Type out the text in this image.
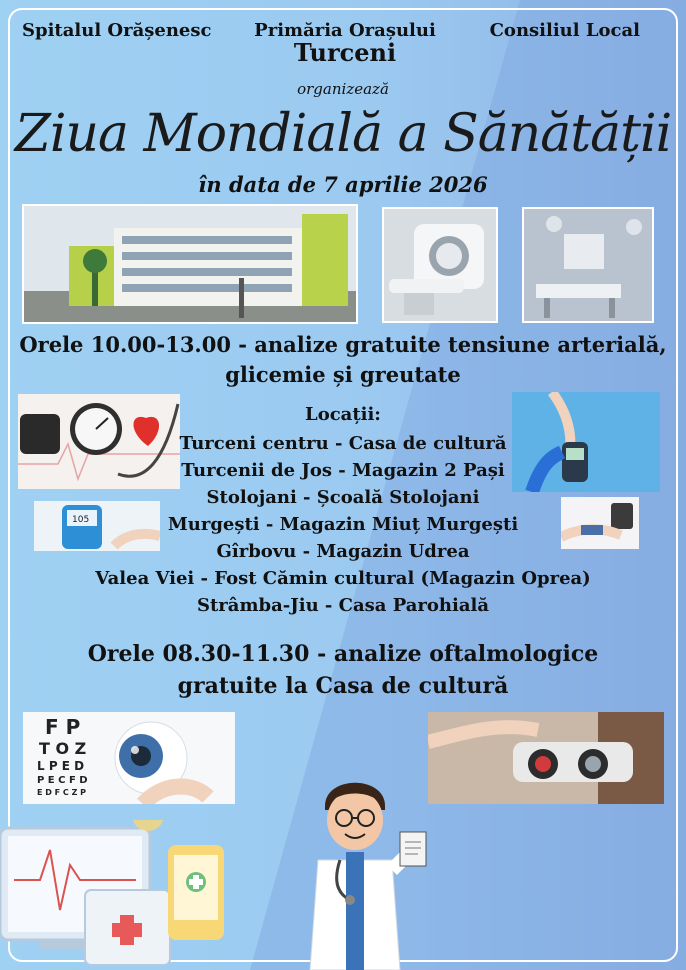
Spitalul Orășenesc Primăria Orașului
Turceni
Consiliul Local
organizează
Ziua Mondială a Sănătății
în data de 7 aprilie 2026
Orele 10.00-13.00 - analize gratuite tensiune arterială,
glicemie și greutate
105
Locații:
Turceni centru - Casa de cultură
Turcenii de Jos - Magazin 2 Pași
Stolojani - Școală Stolojani
Murgești - Magazin Miuț Murgești
Gîrbovu - Magazin Udrea
Valea Viei - Fost Cămin cultural (Magazin Oprea)
Strâmba-Jiu - Casa Parohială
Orele 08.30-11.30 - analize oftalmologice
gratuite la Casa de cultură
F P
T O Z
L P E D
P E C F D
E D F C Z P
